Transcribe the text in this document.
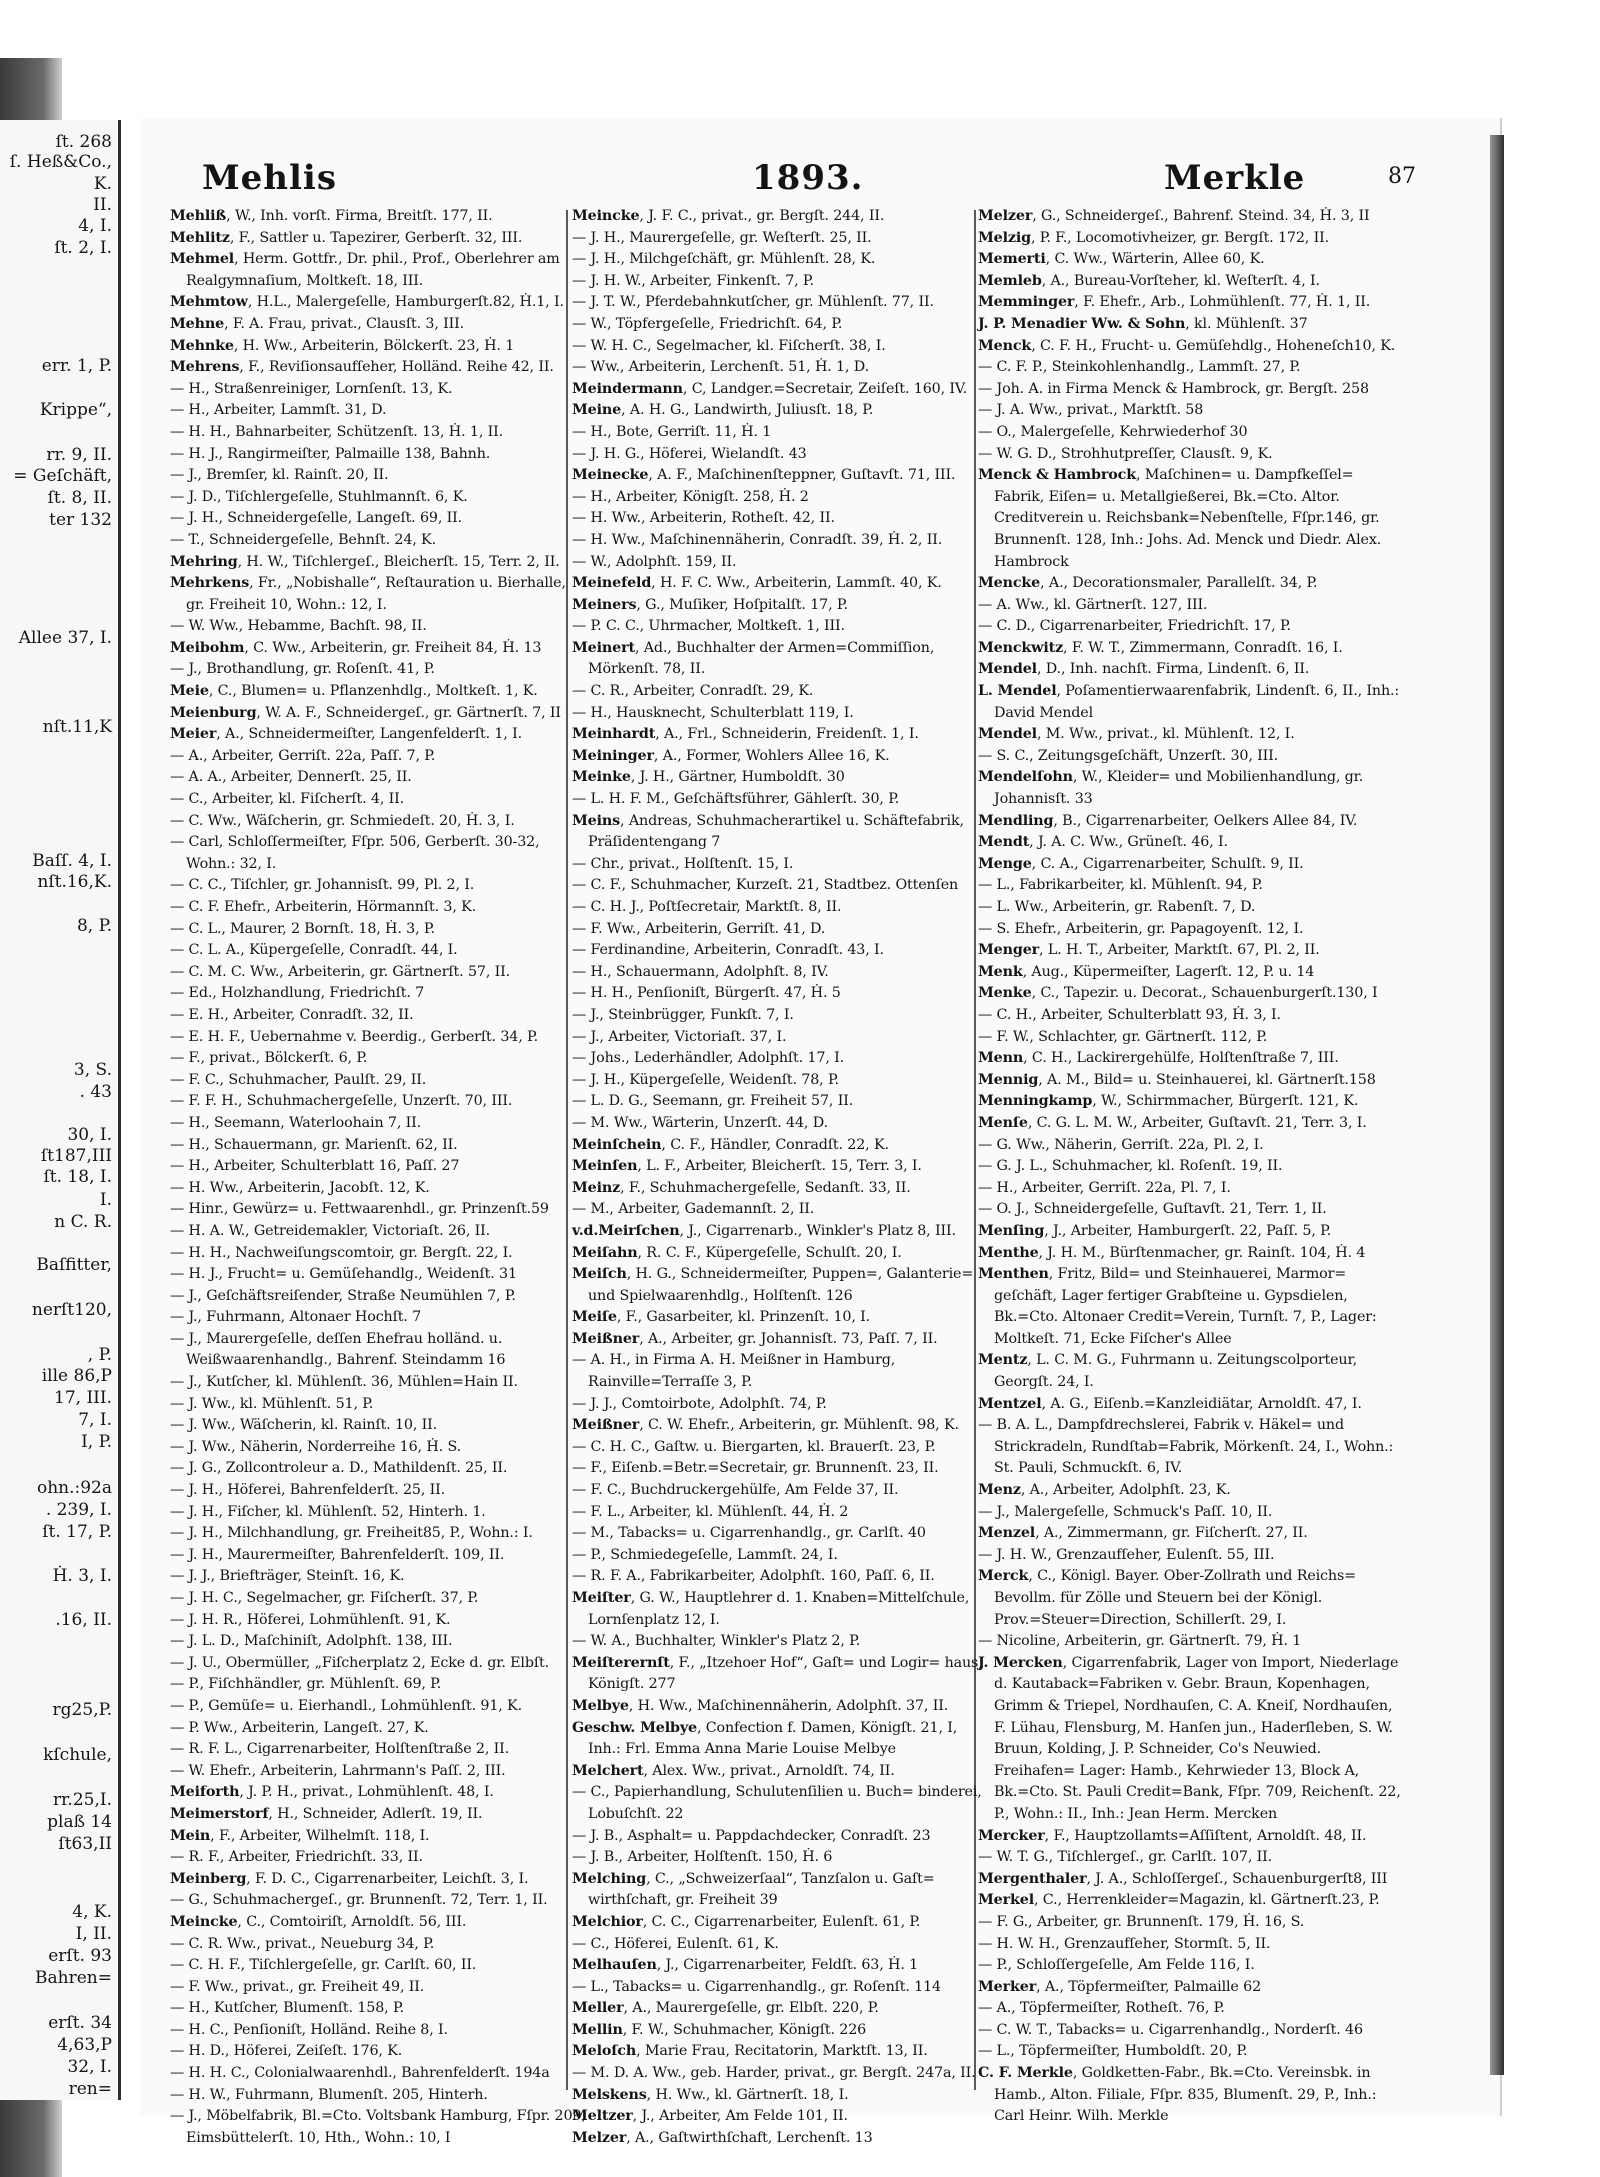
ſt. 268
ſ. Heß&Co.,
K.
II.
4, I.
ſt. 2, I.
err. 1, P.
Krippe“,
rr. 9, II.
= Geſchäft,
ſt. 8, II.
ter 132
Allee 37, I.
nſt.11,K
Baſſ. 4, I.
nſt.16,K.
8, P.
3, S.
. 43
30, I.
ſt187,III
ſt. 18, I.
I.
n C. R.
Baſfitter,
nerſt120,
, P.
ille 86,P
17, III.
7, I.
I, P.
ohn.:92a
. 239, I.
ſt. 17, P.
Ḣ. 3, I.
.16, II.
rg25,P.
kſchule,
rr.25,I.
plaß 14
ſt63,II
4, K.
I, II.
erſt. 93
Bahren=
erſt. 34
4,63,P
32, I.
ren=
Mehlis	1893.	Merkle	87
Mehliß, W., Inh. vorſt. Firma, Breitſt. 177, II.
Mehlitz, F., Sattler u. Tapezirer, Gerberſt. 32, III.
Mehmel, Herm. Gottfr., Dr. phil., Prof., Oberlehrer am Realgymnaſium, Moltkeſt. 18, III.
Mehmtow, H.L., Malergeſelle, Hamburgerſt.82, Ḣ.1, I.
Mehne, F. A. Frau, privat., Clausſt. 3, III.
Mehnke, H. Ww., Arbeiterin, Bölckerſt. 23, Ḣ. 1
Mehrens, F., Reviſionsaufſeher, Holländ. Reihe 42, II.
— H., Straßenreiniger, Lornſenſt. 13, K.
— H., Arbeiter, Lammſt. 31, D.
— H. H., Bahnarbeiter, Schützenſt. 13, Ḣ. 1, II.
— H. J., Rangirmeiſter, Palmaille 138, Bahnh.
— J., Bremſer, kl. Rainſt. 20, II.
— J. D., Tiſchlergeſelle, Stuhlmannſt. 6, K.
— J. H., Schneidergeſelle, Langeſt. 69, II.
— T., Schneidergeſelle, Behnſt. 24, K.
Mehring, H. W., Tiſchlergeſ., Bleicherſt. 15, Terr. 2, II.
Mehrkens, Fr., „Nobishalle“, Reſtauration u. Bierhalle, gr. Freiheit 10, Wohn.: 12, I.
— W. Ww., Hebamme, Bachſt. 98, II.
Meibohm, C. Ww., Arbeiterin, gr. Freiheit 84, Ḣ. 13
— J., Brothandlung, gr. Roſenſt. 41, P.
Meie, C., Blumen= u. Pflanzenhdlg., Moltkeſt. 1, K.
Meienburg, W. A. F., Schneidergeſ., gr. Gärtnerſt. 7, II
Meier, A., Schneidermeiſter, Langenfelderſt. 1, I.
— A., Arbeiter, Gerriſt. 22a, Paſſ. 7, P.
— A. A., Arbeiter, Dennerſt. 25, II.
— C., Arbeiter, kl. Fiſcherſt. 4, II.
— C. Ww., Wäſcherin, gr. Schmiedeſt. 20, Ḣ. 3, I.
— Carl, Schloſſermeiſter, Fſpr. 506, Gerberſt. 30-32, Wohn.: 32, I.
— C. C., Tiſchler, gr. Johannisſt. 99, Pl. 2, I.
— C. F. Ehefr., Arbeiterin, Hörmannſt. 3, K.
— C. L., Maurer, 2 Bornſt. 18, Ḣ. 3, P.
— C. L. A., Küpergeſelle, Conradſt. 44, I.
— C. M. C. Ww., Arbeiterin, gr. Gärtnerſt. 57, II.
— Ed., Holzhandlung, Friedrichſt. 7
— E. H., Arbeiter, Conradſt. 32, II.
— E. H. F., Uebernahme v. Beerdig., Gerberſt. 34, P.
— F., privat., Bölckerſt. 6, P.
— F. C., Schuhmacher, Paulſt. 29, II.
— F. F. H., Schuhmachergeſelle, Unzerſt. 70, III.
— H., Seemann, Waterloohain 7, II.
— H., Schauermann, gr. Marienſt. 62, II.
— H., Arbeiter, Schulterblatt 16, Paſſ. 27
— H. Ww., Arbeiterin, Jacobſt. 12, K.
— Hinr., Gewürz= u. Fettwaarenhdl., gr. Prinzenſt.59
— H. A. W., Getreidemakler, Victoriaſt. 26, II.
— H. H., Nachweiſungscomtoir, gr. Bergſt. 22, I.
— H. J., Frucht= u. Gemüſehandlg., Weidenſt. 31
— J., Geſchäftsreiſender, Straße Neumühlen 7, P.
— J., Fuhrmann, Altonaer Hochſt. 7
— J., Maurergeſelle, deſſen Ehefrau holländ. u. Weißwaarenhandlg., Bahrenf. Steindamm 16
— J., Kutſcher, kl. Mühlenſt. 36, Mühlen=Hain II.
— J. Ww., kl. Mühlenſt. 51, P.
— J. Ww., Wäſcherin, kl. Rainſt. 10, II.
— J. Ww., Näherin, Norderreihe 16, Ḣ. S.
— J. G., Zollcontroleur a. D., Mathildenſt. 25, II.
— J. H., Höferei, Bahrenfelderſt. 25, II.
— J. H., Fiſcher, kl. Mühlenſt. 52, Hinterh. 1.
— J. H., Milchhandlung, gr. Freiheit85, P., Wohn.: I.
— J. H., Maurermeiſter, Bahrenfelderſt. 109, II.
— J. J., Briefträger, Steinſt. 16, K.
— J. H. C., Segelmacher, gr. Fiſcherſt. 37, P.
— J. H. R., Höferei, Lohmühlenſt. 91, K.
— J. L. D., Maſchiniſt, Adolphſt. 138, III.
— J. U., Obermüller, „Fiſcherplatz 2, Ecke d. gr. Elbſt.
— P., Fiſchhändler, gr. Mühlenſt. 69, P.
— P., Gemüſe= u. Eierhandl., Lohmühlenſt. 91, K.
— P. Ww., Arbeiterin, Langeſt. 27, K.
— R. F. L., Cigarrenarbeiter, Holſtenſtraße 2, II.
— W. Ehefr., Arbeiterin, Lahrmann's Paſſ. 2, III.
Meiforth, J. P. H., privat., Lohmühlenſt. 48, I.
Meimerstorf, H., Schneider, Adlerſt. 19, II.
Mein, F., Arbeiter, Wilhelmſt. 118, I.
— R. F., Arbeiter, Friedrichſt. 33, II.
Meinberg, F. D. C., Cigarrenarbeiter, Leichſt. 3, I.
— G., Schuhmachergeſ., gr. Brunnenſt. 72, Terr. 1, II.
Meincke, C., Comtoiriſt, Arnoldſt. 56, III.
— C. R. Ww., privat., Neueburg 34, P.
— C. H. F., Tiſchlergeſelle, gr. Carlſt. 60, II.
— F. Ww., privat., gr. Freiheit 49, II.
— H., Kutſcher, Blumenſt. 158, P.
— H. C., Penſioniſt, Holländ. Reihe 8, I.
— H. D., Höferei, Zeiſeſt. 176, K.
— H. H. C., Colonialwaarenhdl., Bahrenfelderſt. 194a
— H. W., Fuhrmann, Blumenſt. 205, Hinterh.
— J., Möbelfabrik, Bl.=Cto. Voltsbank Hamburg, Fſpr. 209, Eimsbüttelerſt. 10, Hth., Wohn.: 10, I
Meincke, J. F. C., privat., gr. Bergſt. 244, II.
— J. H., Maurergeſelle, gr. Weſterſt. 25, II.
— J. H., Milchgeſchäft, gr. Mühlenſt. 28, K.
— J. H. W., Arbeiter, Finkenſt. 7, P.
— J. T. W., Pferdebahnkutſcher, gr. Mühlenſt. 77, II.
— W., Töpfergeſelle, Friedrichſt. 64, P.
— W. H. C., Segelmacher, kl. Fiſcherſt. 38, I.
— Ww., Arbeiterin, Lerchenſt. 51, Ḣ. 1, D.
Meindermann, C, Landger.=Secretair, Zeiſeſt. 160, IV.
Meine, A. H. G., Landwirth, Juliusſt. 18, P.
— H., Bote, Gerriſt. 11, Ḣ. 1
— J. H. G., Höferei, Wielandſt. 43
Meinecke, A. F., Maſchinenſteppner, Guſtavſt. 71, III.
— H., Arbeiter, Königſt. 258, Ḣ. 2
— H. Ww., Arbeiterin, Rotheſt. 42, II.
— H. Ww., Maſchinennäherin, Conradſt. 39, Ḣ. 2, II.
— W., Adolphſt. 159, II.
Meinefeld, H. F. C. Ww., Arbeiterin, Lammſt. 40, K.
Meiners, G., Muſiker, Hoſpitalſt. 17, P.
— P. C. C., Uhrmacher, Moltkeſt. 1, III.
Meinert, Ad., Buchhalter der Armen=Commiſſion, Mörkenſt. 78, II.
— C. R., Arbeiter, Conradſt. 29, K.
— H., Hausknecht, Schulterblatt 119, I.
Meinhardt, A., Frl., Schneiderin, Freidenſt. 1, I.
Meininger, A., Former, Wohlers Allee 16, K.
Meinke, J. H., Gärtner, Humboldſt. 30
— L. H. F. M., Geſchäftsführer, Gählerſt. 30, P.
Meins, Andreas, Schuhmacherartikel u. Schäftefabrik, Präſidentengang 7
— Chr., privat., Holſtenſt. 15, I.
— C. F., Schuhmacher, Kurzeſt. 21, Stadtbez. Ottenſen
— C. H. J., Poſtſecretair, Marktſt. 8, II.
— F. Ww., Arbeiterin, Gerriſt. 41, D.
— Ferdinandine, Arbeiterin, Conradſt. 43, I.
— H., Schauermann, Adolphſt. 8, IV.
— H. H., Penſioniſt, Bürgerſt. 47, Ḣ. 5
— J., Steinbrügger, Funkſt. 7, I.
— J., Arbeiter, Victoriaſt. 37, I.
— Johs., Lederhändler, Adolphſt. 17, I.
— J. H., Küpergeſelle, Weidenſt. 78, P.
— L. D. G., Seemann, gr. Freiheit 57, II.
— M. Ww., Wärterin, Unzerſt. 44, D.
Meinſchein, C. F., Händler, Conradſt. 22, K.
Meinſen, L. F., Arbeiter, Bleicherſt. 15, Terr. 3, I.
Meinz, F., Schuhmachergeſelle, Sedanſt. 33, II.
— M., Arbeiter, Gademannſt. 2, II.
v.d.Meirſchen, J., Cigarrenarb., Winkler's Platz 8, III.
Meiſahn, R. C. F., Küpergeſelle, Schulſt. 20, I.
Meiſch, H. G., Schneidermeiſter, Puppen=, Galanterie= und Spielwaarenhdlg., Holſtenſt. 126
Meiſe, F., Gasarbeiter, kl. Prinzenſt. 10, I.
Meißner, A., Arbeiter, gr. Johannisſt. 73, Paſſ. 7, II.
— A. H., in Firma A. H. Meißner in Hamburg, Rainville=Terraſſe 3, P.
— J. J., Comtoirbote, Adolphſt. 74, P.
Meißner, C. W. Ehefr., Arbeiterin, gr. Mühlenſt. 98, K.
— C. H. C., Gaſtw. u. Biergarten, kl. Brauerſt. 23, P.
— F., Eiſenb.=Betr.=Secretair, gr. Brunnenſt. 23, II.
— F. C., Buchdruckergehülfe, Am Felde 37, II.
— F. L., Arbeiter, kl. Mühlenſt. 44, Ḣ. 2
— M., Tabacks= u. Cigarrenhandlg., gr. Carlſt. 40
— P., Schmiedegeſelle, Lammſt. 24, I.
— R. F. A., Fabrikarbeiter, Adolphſt. 160, Paſſ. 6, II.
Meiſter, G. W., Hauptlehrer d. 1. Knaben=Mittelſchule, Lornſenplatz 12, I.
— W. A., Buchhalter, Winkler's Platz 2, P.
Meiſterernſt, F., „Itzehoer Hof“, Gaſt= und Logir= haus, Königſt. 277
Melbye, H. Ww., Maſchinennäherin, Adolphſt. 37, II.
Geschw. Melbye, Confection f. Damen, Königſt. 21, I, Inh.: Frl. Emma Anna Marie Louise Melbye
Melchert, Alex. Ww., privat., Arnoldſt. 74, II.
— C., Papierhandlung, Schulutenſilien u. Buch= binderei, Lobuſchſt. 22
— J. B., Asphalt= u. Pappdachdecker, Conradſt. 23
— J. B., Arbeiter, Holſtenſt. 150, Ḣ. 6
Melching, C., „Schweizerſaal“, Tanzſalon u. Gaſt= wirthſchaft, gr. Freiheit 39
Melchior, C. C., Cigarrenarbeiter, Eulenſt. 61, P.
— C., Höferei, Eulenſt. 61, K.
Melhauſen, J., Cigarrenarbeiter, Feldſt. 63, Ḣ. 1
— L., Tabacks= u. Cigarrenhandlg., gr. Roſenſt. 114
Meller, A., Maurergeſelle, gr. Elbſt. 220, P.
Mellin, F. W., Schuhmacher, Königſt. 226
Meloſch, Marie Frau, Recitatorin, Marktſt. 13, II.
— M. D. A. Ww., geb. Harder, privat., gr. Bergſt. 247a, II.
Melskens, H. Ww., kl. Gärtnerſt. 18, I.
Meltzer, J., Arbeiter, Am Felde 101, II.
Melzer, A., Gaſtwirthſchaft, Lerchenſt. 13
Melzer, G., Schneidergeſ., Bahrenf. Steind. 34, Ḣ. 3, II
Melzig, P. F., Locomotivheizer, gr. Bergſt. 172, II.
Memerti, C. Ww., Wärterin, Allee 60, K.
Memleb, A., Bureau-Vorſteher, kl. Weſterſt. 4, I.
Memminger, F. Ehefr., Arb., Lohmühlenſt. 77, Ḣ. 1, II.
J. P. Menadier Ww. & Sohn, kl. Mühlenſt. 37
Menck, C. F. H., Frucht- u. Gemüſehdlg., Hoheneſch10, K.
— C. F. P., Steinkohlenhandlg., Lammſt. 27, P.
— Joh. A. in Firma Menck & Hambrock, gr. Bergſt. 258
— J. A. Ww., privat., Marktſt. 58
— O., Malergeſelle, Kehrwiederhof 30
— W. G. D., Strohhutpreſſer, Clausſt. 9, K.
Menck & Hambrock, Maſchinen= u. Dampfkeſſel= Fabrik, Eiſen= u. Metallgießerei, Bk.=Cto. Altor. Creditverein u. Reichsbank=Nebenſtelle, Fſpr.146, gr. Brunnenſt. 128, Inh.: Johs. Ad. Menck und Diedr. Alex. Hambrock
Mencke, A., Decorationsmaler, Parallelſt. 34, P.
— A. Ww., kl. Gärtnerſt. 127, III.
— C. D., Cigarrenarbeiter, Friedrichſt. 17, P.
Menckwitz, F. W. T., Zimmermann, Conradſt. 16, I.
Mendel, D., Inh. nachſt. Firma, Lindenſt. 6, II.
L. Mendel, Poſamentierwaarenfabrik, Lindenſt. 6, II., Inh.: David Mendel
Mendel, M. Ww., privat., kl. Mühlenſt. 12, I.
— S. C., Zeitungsgeſchäft, Unzerſt. 30, III.
Mendelſohn, W., Kleider= und Mobilienhandlung, gr. Johannisſt. 33
Mendling, B., Cigarrenarbeiter, Oelkers Allee 84, IV.
Mendt, J. A. C. Ww., Grüneſt. 46, I.
Menge, C. A., Cigarrenarbeiter, Schulſt. 9, II.
— L., Fabrikarbeiter, kl. Mühlenſt. 94, P.
— L. Ww., Arbeiterin, gr. Rabenſt. 7, D.
— S. Ehefr., Arbeiterin, gr. Papagoyenſt. 12, I.
Menger, L. H. T., Arbeiter, Marktſt. 67, Pl. 2, II.
Menk, Aug., Küpermeiſter, Lagerſt. 12, P. u. 14
Menke, C., Tapezir. u. Decorat., Schauenburgerſt.130, I
— C. H., Arbeiter, Schulterblatt 93, Ḣ. 3, I.
— F. W., Schlachter, gr. Gärtnerſt. 112, P.
Menn, C. H., Lackirergehülfe, Holſtenſtraße 7, III.
Mennig, A. M., Bild= u. Steinhauerei, kl. Gärtnerſt.158
Menningkamp, W., Schirmmacher, Bürgerſt. 121, K.
Menſe, C. G. L. M. W., Arbeiter, Guſtavſt. 21, Terr. 3, I.
— G. Ww., Näherin, Gerriſt. 22a, Pl. 2, I.
— G. J. L., Schuhmacher, kl. Roſenſt. 19, II.
— H., Arbeiter, Gerriſt. 22a, Pl. 7, I.
— O. J., Schneidergeſelle, Guſtavſt. 21, Terr. 1, II.
Menſing, J., Arbeiter, Hamburgerſt. 22, Paſſ. 5, P.
Menthe, J. H. M., Bürſtenmacher, gr. Rainſt. 104, Ḣ. 4
Menthen, Fritz, Bild= und Steinhauerei, Marmor= geſchäft, Lager fertiger Grabſteine u. Gypsdielen, Bk.=Cto. Altonaer Credit=Verein, Turnſt. 7, P., Lager: Moltkeſt. 71, Ecke Fiſcher's Allee
Mentz, L. C. M. G., Fuhrmann u. Zeitungscolporteur, Georgſt. 24, I.
Mentzel, A. G., Eiſenb.=Kanzleidiätar, Arnoldſt. 47, I.
— B. A. L., Dampfdrechslerei, Fabrik v. Häkel= und Strickradeln, Rundſtab=Fabrik, Mörkenſt. 24, I., Wohn.: St. Pauli, Schmuckſt. 6, IV.
Menz, A., Arbeiter, Adolphſt. 23, K.
— J., Malergeſelle, Schmuck's Paſſ. 10, II.
Menzel, A., Zimmermann, gr. Fiſcherſt. 27, II.
— J. H. W., Grenzaufſeher, Eulenſt. 55, III.
Merck, C., Königl. Bayer. Ober-Zollrath und Reichs= Bevollm. für Zölle und Steuern bei der Königl. Prov.=Steuer=Direction, Schillerſt. 29, I.
— Nicoline, Arbeiterin, gr. Gärtnerſt. 79, Ḣ. 1
J. Mercken, Cigarrenfabrik, Lager von Import, Niederlage d. Kautaback=Fabriken v. Gebr. Braun, Kopenhagen, Grimm & Triepel, Nordhauſen, C. A. Kneiſ, Nordhauſen, F. Lühau, Flensburg, M. Hanſen jun., Haderſleben, S. W. Bruun, Kolding, J. P. Schneider, Co's Neuwied. Freihafen= Lager: Hamb., Kehrwieder 13, Block A, Bk.=Cto. St. Pauli Credit=Bank, Fſpr. 709, Reichenſt. 22, P., Wohn.: II., Inh.: Jean Herm. Mercken
Mercker, F., Hauptzollamts=Aſſiſtent, Arnoldſt. 48, II.
— W. T. G., Tiſchlergeſ., gr. Carlſt. 107, II.
Mergenthaler, J. A., Schloſſergeſ., Schauenburgerſt8, III
Merkel, C., Herrenkleider=Magazin, kl. Gärtnerſt.23, P.
— F. G., Arbeiter, gr. Brunnenſt. 179, Ḣ. 16, S.
— H. W. H., Grenzaufſeher, Stormſt. 5, II.
— P., Schloſſergeſelle, Am Felde 116, I.
Merker, A., Töpfermeiſter, Palmaille 62
— A., Töpfermeiſter, Rotheſt. 76, P.
— C. W. T., Tabacks= u. Cigarrenhandlg., Norderſt. 46
— L., Töpfermeiſter, Humboldſt. 20, P.
C. F. Merkle, Goldketten-Fabr., Bk.=Cto. Vereinsbk. in Hamb., Alton. Filiale, Fſpr. 835, Blumenſt. 29, P., Inh.: Carl Heinr. Wilh. Merkle
